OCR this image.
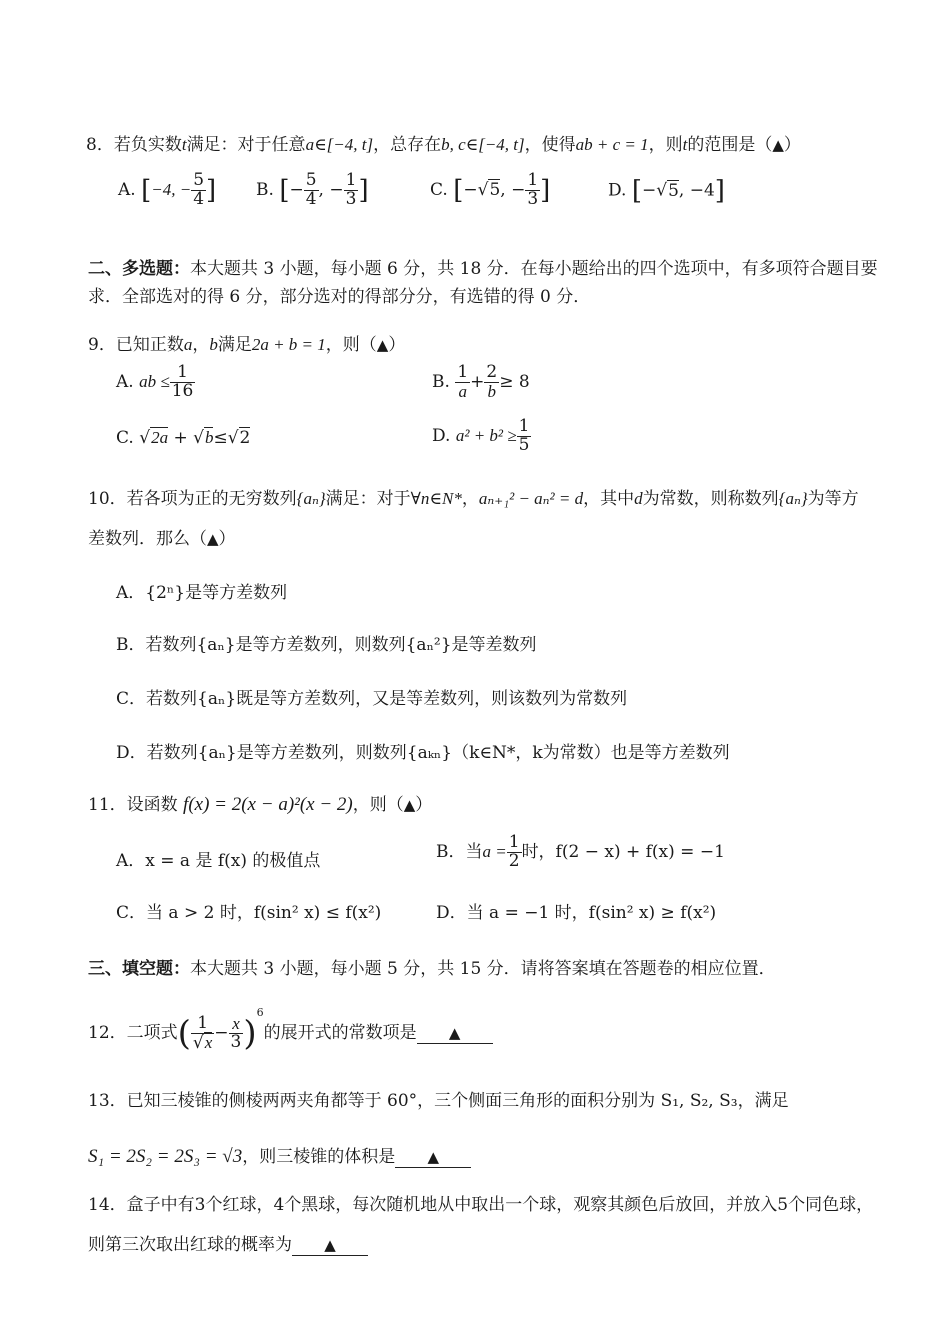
8．若负实数t满足：对于任意a∈[−4, t]，总存在b, c∈[−4, t]，使得ab + c = 1，则t的范围是（▲）
A. [−4, − $\frac{5}{4}$ ] B. [− $\frac{5}{4}$ , − $\frac{1}{3}$ ]	C. [−√5, − $\frac{1}{3}$ ]	D. [−√5, −4]
二、多选题：本大题共 3 小题，每小题 6 分，共 18 分．在每小题给出的四个选项中，有多项符合题目要
求．全部选对的得 6 分，部分选对的得部分分，有选错的得 0 分．
9．已知正数a，b满足2a + b = 1，则（▲）
A. ab ≤ $\frac{1}{16}$	B. $\frac{1}{a} + \frac{2}{b} \ge 8$
C. √2a + √b≤√2	D. $a^2 + b^2 \ge \frac{1}{5}$
10．若各项为正的无穷数列{aₙ}满足：对于∀n∈N*，aₙ₊₁² − aₙ² = d，其中d为常数，则称数列{aₙ}为等方
差数列．那么（▲）
A．{2ⁿ}是等方差数列
B．若数列{aₙ}是等方差数列，则数列{aₙ²}是等差数列
C．若数列{aₙ}既是等方差数列，又是等差数列，则该数列为常数列
D．若数列{aₙ}是等方差数列，则数列{aₖₙ}（k∈N*，k为常数）也是等方差数列
11．设函数 f(x) = 2(x − a)²(x − 2)，则（▲）
A．x = a 是 f(x) 的极值点	B．当$a = \frac{1}{2}$ 时，f(2 − x) + f(x) = −1
C．当 a > 2 时，f(sin² x) ≤ f(x²)	D．当 a = −1 时，f(sin² x) ≥ f(x²)
三、填空题：本大题共 3 小题，每小题 5 分，共 15 分．请将答案填在答题卷的相应位置．
12．二项式( $\frac{1}{√x} - \frac{x}{3} )^6$的展开式的常数项是 ▲
13．已知三棱锥的侧棱两两夹角都等于 60°，三个侧面三角形的面积分别为 S₁, S₂, S₃，满足
S₁ = 2S₂ = 2S₃ = √3，则三棱锥的体积是 ▲
14．盒子中有3个红球，4个黑球，每次随机地从中取出一个球，观察其颜色后放回，并放入5个同色球，
则第三次取出红球的概率为 ▲
